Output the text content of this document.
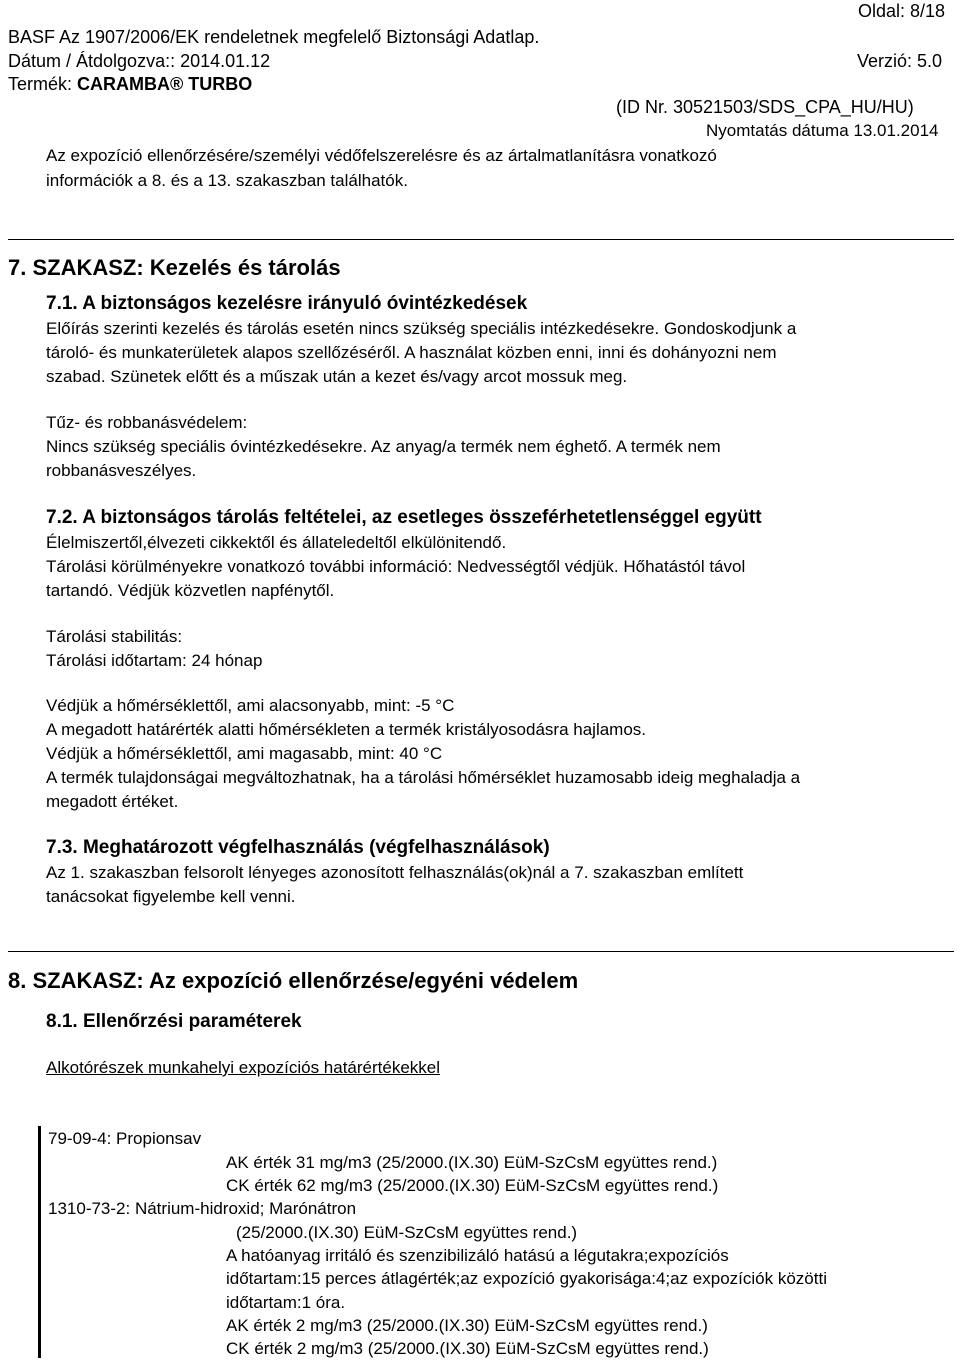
Oldal: 8/18
BASF Az 1907/2006/EK rendeletnek megfelelő Biztonsági Adatlap.
Dátum / Átdolgozva:: 2014.01.12	Verzió: 5.0
Termék: CARAMBA® TURBO
(ID Nr. 30521503/SDS_CPA_HU/HU)
Nyomtatás dátuma 13.01.2014
Az expozíció ellenőrzésére/személyi védőfelszerelésre és az ártalmatlanításra vonatkozó
információk a 8. és a 13. szakaszban találhatók.
7. SZAKASZ: Kezelés és tárolás
7.1. A biztonságos kezelésre irányuló óvintézkedések
Előírás szerinti kezelés és tárolás esetén nincs szükség speciális intézkedésekre. Gondoskodjunk a
tároló- és munkaterületek alapos szellőzéséről. A használat közben enni, inni és dohányozni nem
szabad. Szünetek előtt és a műszak után a kezet és/vagy arcot mossuk meg.
Tűz- és robbanásvédelem:
Nincs szükség speciális óvintézkedésekre. Az anyag/a termék nem éghető. A termék nem
robbanásveszélyes.
7.2. A biztonságos tárolás feltételei, az esetleges összeférhetetlenséggel együtt
Élelmiszertől,élvezeti cikkektől és állateledeltől elkülönitendő.
Tárolási körülményekre vonatkozó további információ: Nedvességtől védjük. Hőhatástól távol
tartandó. Védjük közvetlen napfénytől.
Tárolási stabilitás:
Tárolási időtartam: 24 hónap
Védjük a hőmérséklettől, ami alacsonyabb, mint: -5 °C
A megadott határérték alatti hőmérsékleten a termék kristályosodásra hajlamos.
Védjük a hőmérséklettől, ami magasabb, mint: 40 °C
A termék tulajdonságai megváltozhatnak, ha a tárolási hőmérséklet huzamosabb ideig meghaladja a
megadott értéket.
7.3. Meghatározott végfelhasználás (végfelhasználások)
Az 1. szakaszban felsorolt lényeges azonosított felhasználás(ok)nál a 7. szakaszban említett
tanácsokat figyelembe kell venni.
8. SZAKASZ: Az expozíció ellenőrzése/egyéni védelem
8.1. Ellenőrzési paraméterek
Alkotórészek munkahelyi expozíciós határértékekkel
79-09-4: Propionsav
AK érték 31 mg/m3 (25/2000.(IX.30) EüM-SzCsM együttes rend.)
CK érték 62 mg/m3 (25/2000.(IX.30) EüM-SzCsM együttes rend.)
1310-73-2: Nátrium-hidroxid; Marónátron
(25/2000.(IX.30) EüM-SzCsM együttes rend.)
A hatóanyag irritáló és szenzibilizáló hatású a légutakra;expozíciós
időtartam:15 perces átlagérték;az expozíció gyakorisága:4;az expozíciók közötti
időtartam:1 óra.
AK érték 2 mg/m3 (25/2000.(IX.30) EüM-SzCsM együttes rend.)
CK érték 2 mg/m3 (25/2000.(IX.30) EüM-SzCsM együttes rend.)
